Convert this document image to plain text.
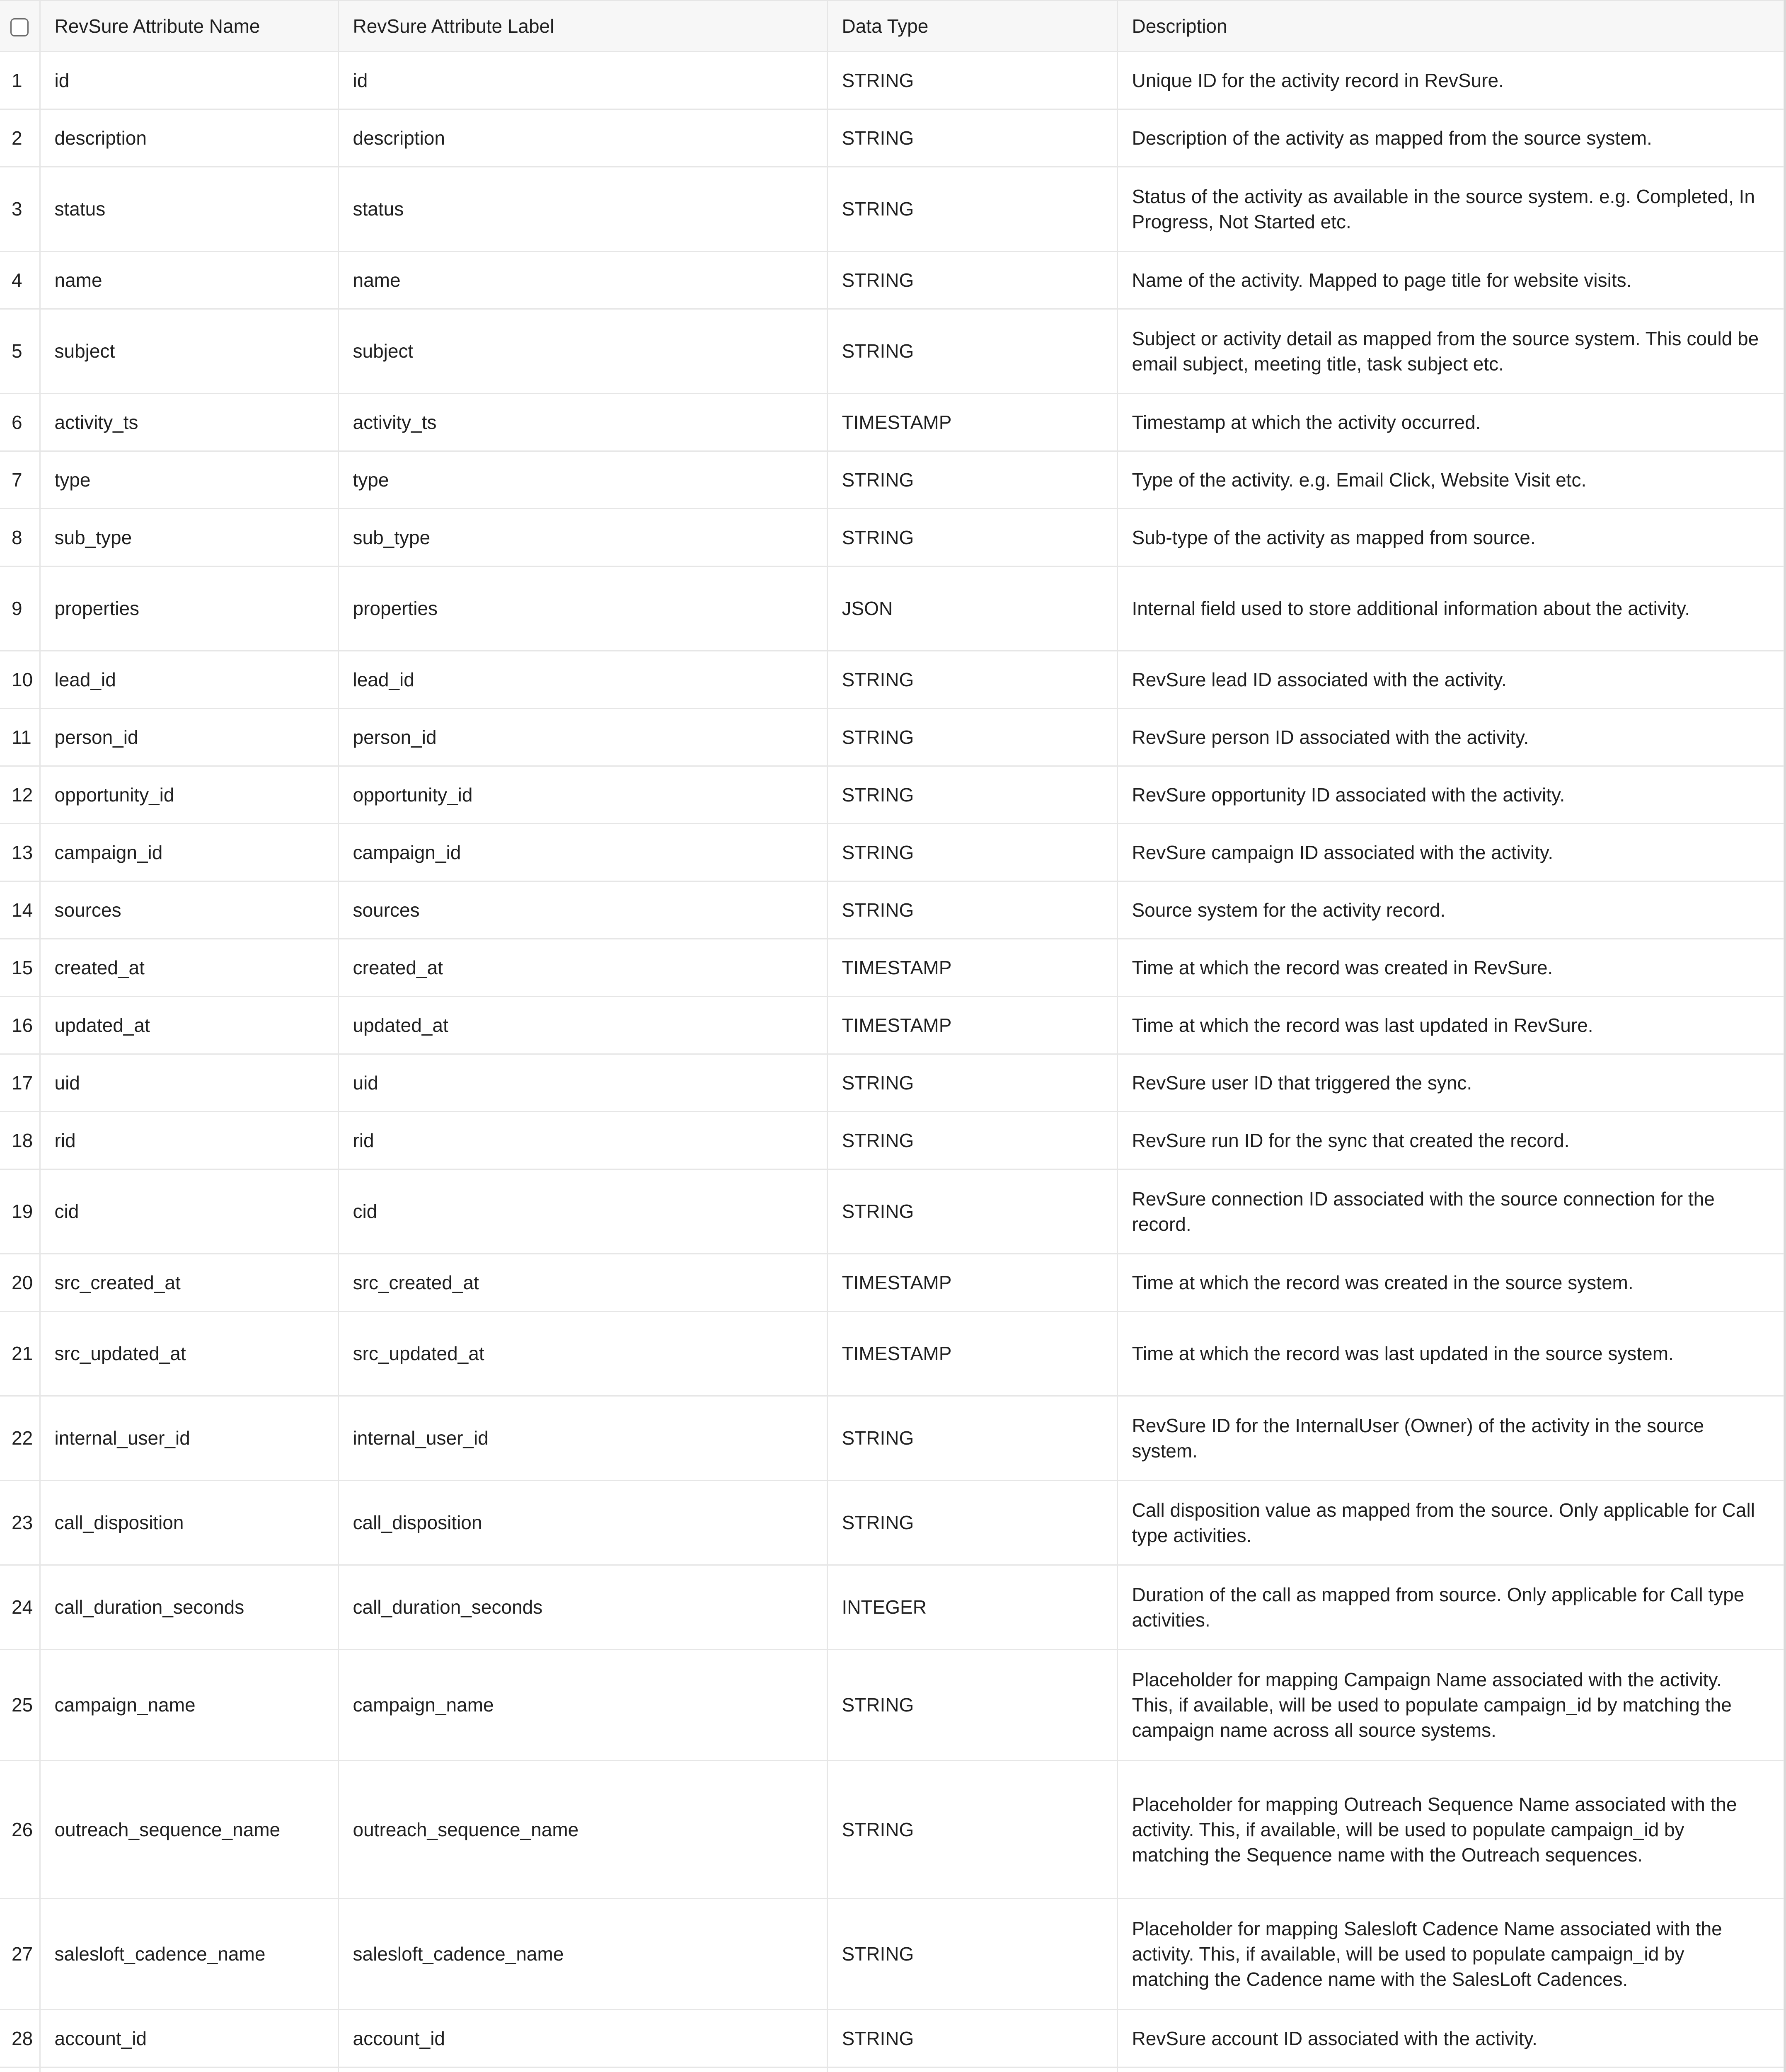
	RevSure Attribute Name	RevSure Attribute Label	Data Type	Description
1	id	id	STRING	Unique ID for the activity record in RevSure.
2	description	description	STRING	Description of the activity as mapped from the source system.
3	status	status	STRING	Status of the activity as available in the source system. e.g. Completed, In Progress, Not Started etc.
4	name	name	STRING	Name of the activity. Mapped to page title for website visits.
5	subject	subject	STRING	Subject or activity detail as mapped from the source system. This could be email subject, meeting title, task subject etc.
6	activity_ts	activity_ts	TIMESTAMP	Timestamp at which the activity occurred.
7	type	type	STRING	Type of the activity. e.g. Email Click, Website Visit etc.
8	sub_type	sub_type	STRING	Sub-type of the activity as mapped from source.
9	properties	properties	JSON	Internal field used to store additional information about the activity.
10	lead_id	lead_id	STRING	RevSure lead ID associated with the activity.
11	person_id	person_id	STRING	RevSure person ID associated with the activity.
12	opportunity_id	opportunity_id	STRING	RevSure opportunity ID associated with the activity.
13	campaign_id	campaign_id	STRING	RevSure campaign ID associated with the activity.
14	sources	sources	STRING	Source system for the activity record.
15	created_at	created_at	TIMESTAMP	Time at which the record was created in RevSure.
16	updated_at	updated_at	TIMESTAMP	Time at which the record was last updated in RevSure.
17	uid	uid	STRING	RevSure user ID that triggered the sync.
18	rid	rid	STRING	RevSure run ID for the sync that created the record.
19	cid	cid	STRING	RevSure connection ID associated with the source connection for the record.
20	src_created_at	src_created_at	TIMESTAMP	Time at which the record was created in the source system.
21	src_updated_at	src_updated_at	TIMESTAMP	Time at which the record was last updated in the source system.
22	internal_user_id	internal_user_id	STRING	RevSure ID for the InternalUser (Owner) of the activity in the source system.
23	call_disposition	call_disposition	STRING	Call disposition value as mapped from the source. Only applicable for Call type activities.
24	call_duration_seconds	call_duration_seconds	INTEGER	Duration of the call as mapped from source. Only applicable for Call type activities.
25	campaign_name	campaign_name	STRING	Placeholder for mapping Campaign Name associated with the activity. This, if available, will be used to populate campaign_id by matching the campaign name across all source systems.
26	outreach_sequence_name	outreach_sequence_name	STRING	Placeholder for mapping Outreach Sequence Name associated with the activity. This, if available, will be used to populate campaign_id by matching the Sequence name with the Outreach sequences.
27	salesloft_cadence_name	salesloft_cadence_name	STRING	Placeholder for mapping Salesloft Cadence Name associated with the activity. This, if available, will be used to populate campaign_id by matching the Cadence name with the SalesLoft Cadences.
28	account_id	account_id	STRING	RevSure account ID associated with the activity.
